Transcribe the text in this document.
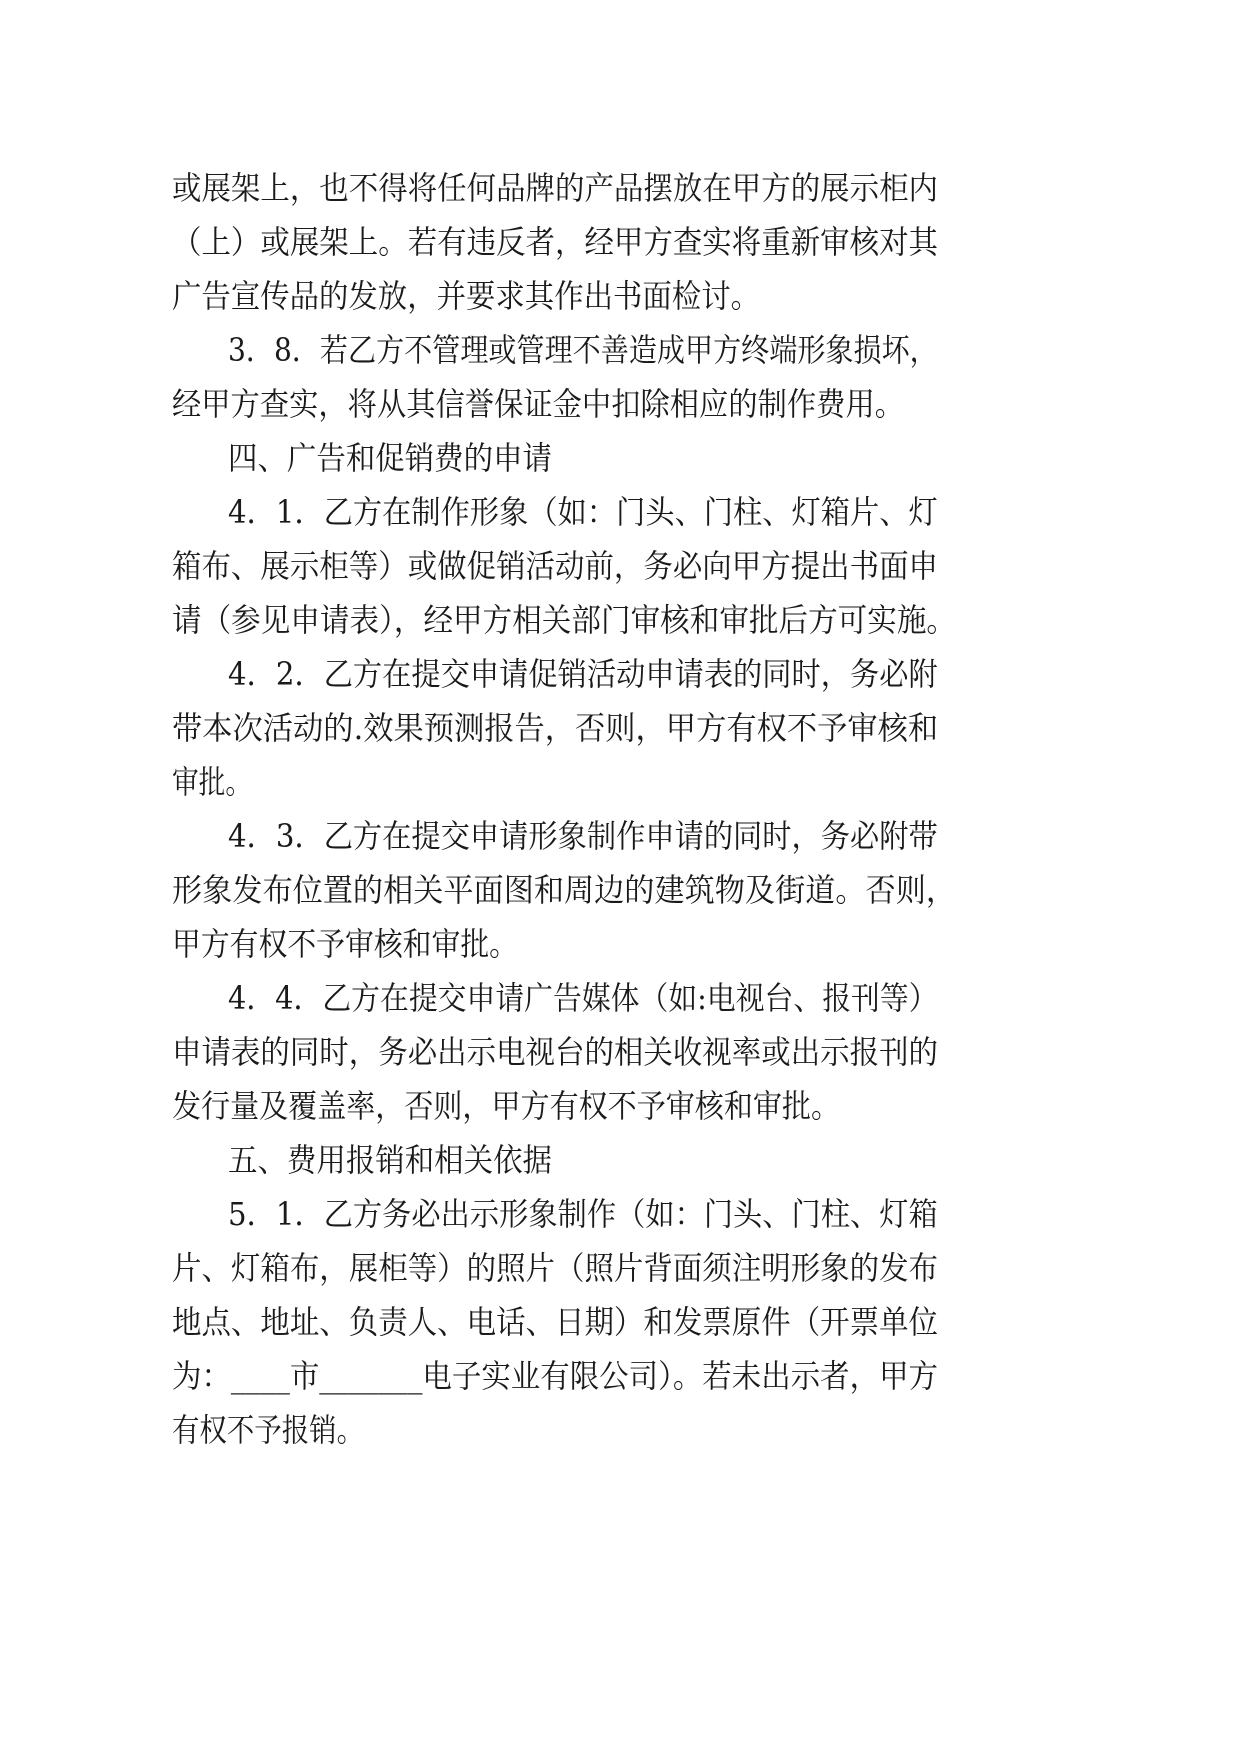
或展架上，也不得将任何品牌的产品摆放在甲方的展示柜内
（上）或展架上。若有违反者，经甲方查实将重新审核对其
广告宣传品的发放，并要求其作出书面检讨。
3．8．若乙方不管理或管理不善造成甲方终端形象损坏，
经甲方查实，将从其信誉保证金中扣除相应的制作费用。
四、广告和促销费的申请
4．1．乙方在制作形象（如：门头、门柱、灯箱片、灯
箱布、展示柜等）或做促销活动前，务必向甲方提出书面申
请（参见申请表），经甲方相关部门审核和审批后方可实施。
4．2．乙方在提交申请促销活动申请表的同时，务必附
带本次活动的.效果预测报告，否则，甲方有权不予审核和
审批。
4．3．乙方在提交申请形象制作申请的同时，务必附带
形象发布位置的相关平面图和周边的建筑物及街道。否则，
甲方有权不予审核和审批。
4．4．乙方在提交申请广告媒体（如:电视台、报刊等）
申请表的同时，务必出示电视台的相关收视率或出示报刊的
发行量及覆盖率，否则，甲方有权不予审核和审批。
五、费用报销和相关依据
5．1．乙方务必出示形象制作（如：门头、门柱、灯箱
片、灯箱布，展柜等）的照片（照片背面须注明形象的发布
地点、地址、负责人、电话、日期）和发票原件（开票单位
为：____市_______电子实业有限公司）。若未出示者，甲方
有权不予报销。
